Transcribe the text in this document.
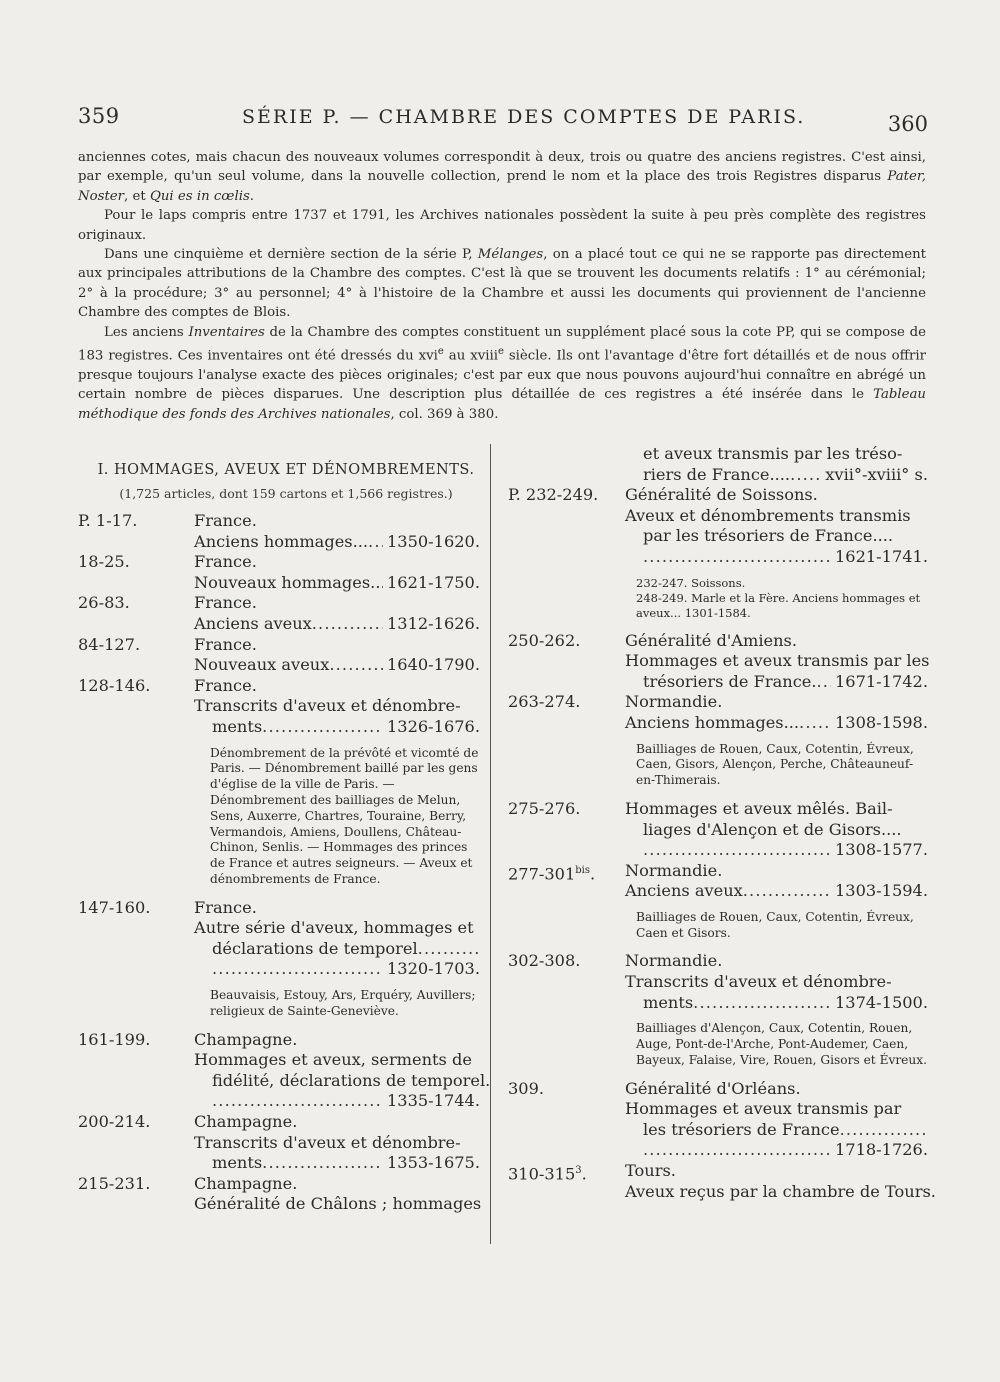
359	SÉRIE P. — CHAMBRE DES COMPTES DE PARIS.	360

anciennes cotes, mais chacun des nouveaux volumes correspondit à deux, trois ou quatre des anciens registres. C'est ainsi, par exemple, qu'un seul volume, dans la nouvelle collection, prend le nom et la place des trois Registres disparus Pater, Noster, et Qui es in cœlis.

Pour le laps compris entre 1737 et 1791, les Archives nationales possèdent la suite à peu près complète des registres originaux.

Dans une cinquième et dernière section de la série P, Mélanges, on a placé tout ce qui ne se rapporte pas directement aux principales attributions de la Chambre des comptes. C'est là que se trouvent les documents relatifs : 1° au cérémonial; 2° à la procédure; 3° au personnel; 4° à l'histoire de la Chambre et aussi les documents qui proviennent de l'ancienne Chambre des comptes de Blois.

Les anciens Inventaires de la Chambre des comptes constituent un supplément placé sous la cote PP, qui se compose de 183 registres. Ces inventaires ont été dressés du xvi$^e$ au xviii$^e$ siècle. Ils ont l'avantage d'être fort détaillés et de nous offrir presque toujours l'analyse exacte des pièces originales; c'est par eux que nous pouvons aujourd'hui connaître en abrégé un certain nombre de pièces disparues. Une description plus détaillée de ces registres a été insérée dans le Tableau méthodique des fonds des Archives nationales, col. 369 à 380.

I. HOMMAGES, AVEUX ET DÉNOMBREMENTS.
(1,725 articles, dont 159 cartons et 1,566 registres.)
P. 1-17.	France.
Anciens hommages... . . . 1350-1620.
18-25.	France.
Nouveaux hommages.. . . . 1621-1750.
26-83.	France.
Anciens aveux . . .	1312-1626.
84-127.	France.
Nouveaux aveux . . .	1640-1790.
128-146.	France.
Transcrits d'aveux et dénombre-
ments . . .	1326-1676.
Dénombrement de la prévôté et vicomté de Paris. — Dénombrement baillé par les gens d'église de la ville de Paris. — Dénombrement des bailliages de Melun, Sens, Auxerre, Chartres, Touraine, Berry, Vermandois, Amiens, Doullens, Château-Chinon, Senlis. — Hommages des princes de France et autres seigneurs. — Aveux et dénombrements de France.
147-160.	France.
Autre série d'aveux, hommages et
déclarations de temporel
. . .
. . .
1320-1703.
Beauvaisis, Estouy, Ars, Erquéry, Auvillers; religieux de Sainte-Geneviève.
161-199.	Champagne.
Hommages et aveux, serments de
fidélité, déclarations de temporel.
. . .
1335-1744.
200-214.	Champagne.
Transcrits d'aveux et dénombre-
ments . . .	1353-1675.
215-231.	Champagne.
Généralité de Châlons ; hommages
et aveux transmis par les tréso-
riers de France.... . . . xvii°-xviii° s.
P. 232-249.	Généralité de Soissons.
Aveux et dénombrements transmis
par les trésoriers de France....
. . .
1621-1741.
232-247. Soissons.
248-249. Marle et la Fère. Anciens hommages et aveux... 1301-1584.
250-262.	Généralité d'Amiens.
Hommages et aveux transmis par les
trésoriers de France. . . . 1671-1742.
263-274.	Normandie.
Anciens hommages... . . . 1308-1598.
Bailliages de Rouen, Caux, Cotentin, Évreux, Caen, Gisors, Alençon, Perche, Châteauneuf-en-Thimerais.
275-276.	Hommages et aveux mêlés. Bail-
liages d'Alençon et de Gisors....
. . .
1308-1577.
$277-301^{bis}$.	Normandie.
Anciens aveux . . .	1303-1594.
Bailliages de Rouen, Caux, Cotentin, Évreux, Caen et Gisors.
302-308.	Normandie.
Transcrits d'aveux et dénombre-
ments . . .	1374-1500.
Bailliages d'Alençon, Caux, Cotentin, Rouen, Auge, Pont-de-l'Arche, Pont-Audemer, Caen, Bayeux, Falaise, Vire, Rouen, Gisors et Évreux.
309.	Généralité d'Orléans.
Hommages et aveux transmis par
les trésoriers de France
. . .
. . .
1718-1726.
$310-315^3$.	Tours.
Aveux reçus par la chambre de Tours.
